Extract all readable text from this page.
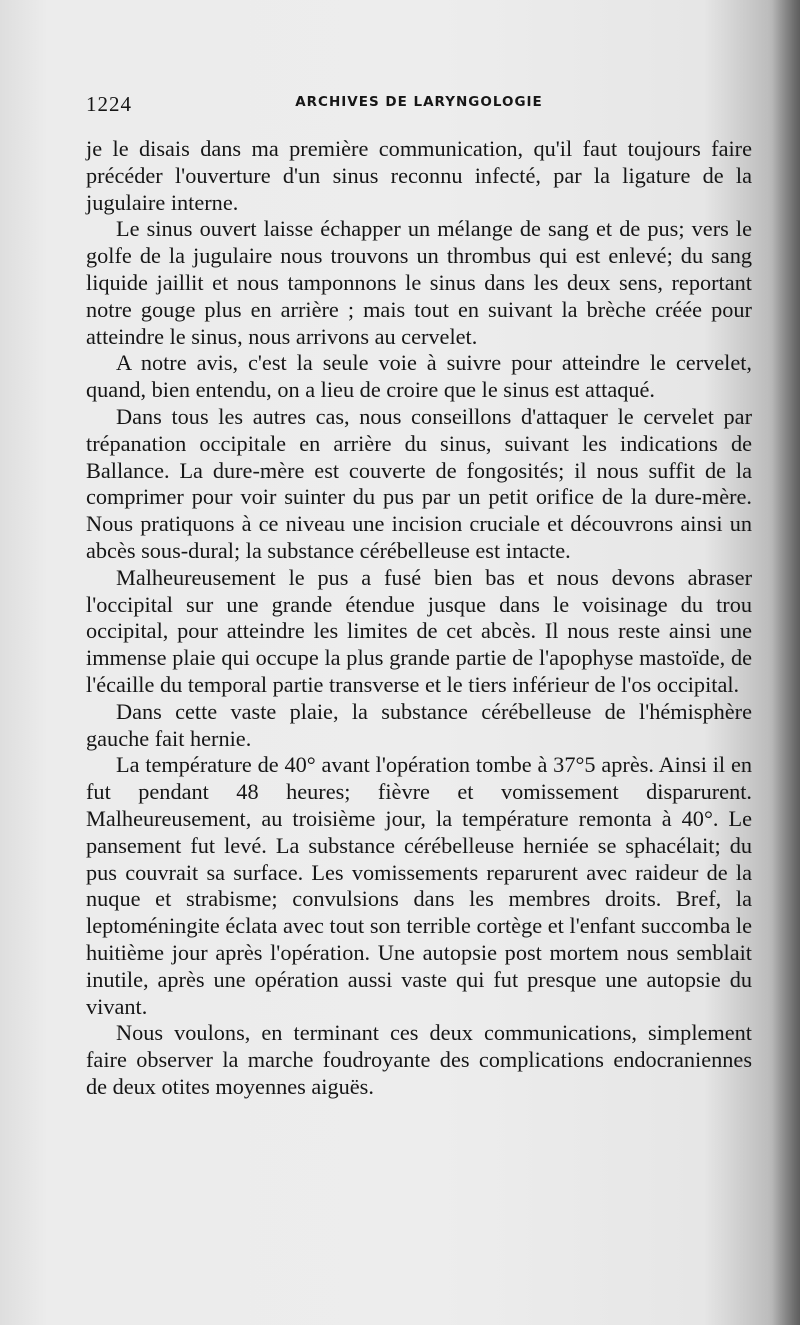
1224	ARCHIVES DE LARYNGOLOGIE

je le disais dans ma première communication, qu'il faut toujours faire précéder l'ouverture d'un sinus reconnu infecté, par la ligature de la jugulaire interne.

Le sinus ouvert laisse échapper un mélange de sang et de pus; vers le golfe de la jugulaire nous trouvons un thrombus qui est enlevé; du sang liquide jaillit et nous tamponnons le sinus dans les deux sens, reportant notre gouge plus en arrière ; mais tout en suivant la brèche créée pour atteindre le sinus, nous arrivons au cervelet.

A notre avis, c'est la seule voie à suivre pour atteindre le cervelet, quand, bien entendu, on a lieu de croire que le sinus est attaqué.

Dans tous les autres cas, nous conseillons d'attaquer le cervelet par trépanation occipitale en arrière du sinus, suivant les indications de Ballance. La dure-mère est couverte de fongosités; il nous suffit de la comprimer pour voir suinter du pus par un petit orifice de la dure-mère. Nous pratiquons à ce niveau une incision cruciale et découvrons ainsi un abcès sous-dural; la substance cérébelleuse est intacte.

Malheureusement le pus a fusé bien bas et nous devons abraser l'occipital sur une grande étendue jusque dans le voisinage du trou occipital, pour atteindre les limites de cet abcès. Il nous reste ainsi une immense plaie qui occupe la plus grande partie de l'apophyse mastoïde, de l'écaille du temporal partie transverse et le tiers inférieur de l'os occipital.

Dans cette vaste plaie, la substance cérébelleuse de l'hémisphère gauche fait hernie.

La température de 40° avant l'opération tombe à 37°5 après. Ainsi il en fut pendant 48 heures; fièvre et vomissement disparurent. Malheureusement, au troisième jour, la température remonta à 40°. Le pansement fut levé. La substance cérébelleuse herniée se sphacélait; du pus couvrait sa surface. Les vomissements reparurent avec raideur de la nuque et strabisme; convulsions dans les membres droits. Bref, la leptoméningite éclata avec tout son terrible cortège et l'enfant succomba le huitième jour après l'opération. Une autopsie post mortem nous semblait inutile, après une opération aussi vaste qui fut presque une autopsie du vivant.

Nous voulons, en terminant ces deux communications, simplement faire observer la marche foudroyante des complications endocraniennes de deux otites moyennes aiguës.
